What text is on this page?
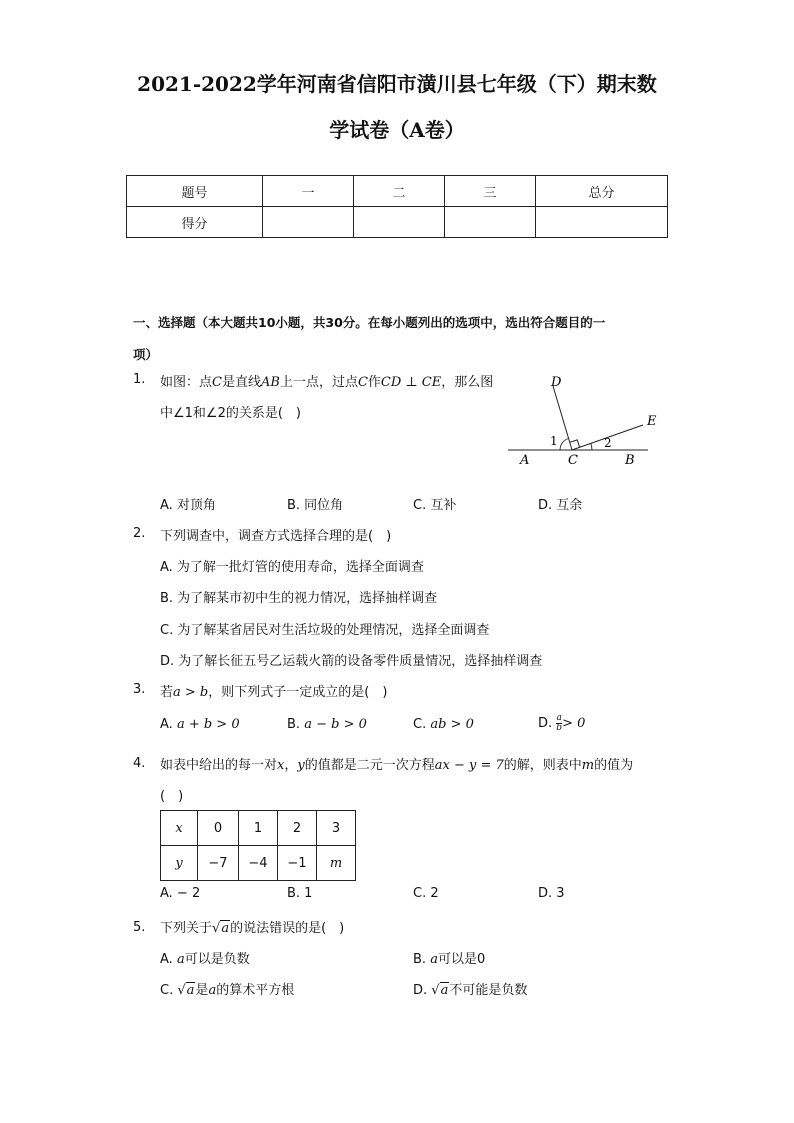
2021-2022学年河南省信阳市潢川县七年级（下）期末数
学试卷（A卷）
题号	一	二	三	总分
得分				
一、选择题（本大题共10小题，共30分。在每小题列出的选项中，选出符合题目的一
项）
1. 如图：点C是直线AB上一点，过点C作CD ⊥ CE，那么图
中∠1和∠2的关系是(　)
D
E
A	C	B
1	2
A. 对顶角	B. 同位角	C. 互补	D. 互余
2. 下列调查中，调查方式选择合理的是(　)
A. 为了解一批灯管的使用寿命，选择全面调查
B. 为了解某市初中生的视力情况，选择抽样调查
C. 为了解某省居民对生活垃圾的处理情况，选择全面调查
D. 为了解长征五号乙运载火箭的设备零件质量情况，选择抽样调查
3. 若a > b，则下列式子一定成立的是(　)
A. a + b > 0	B. a − b > 0	C. ab > 0	D. $\frac{a}{b} > 0$
4. 如表中给出的每一对x，y的值都是二元一次方程ax − y = 7的解，则表中m的值为
(　)
x	0	1	2	3
y	−7	−4	−1	m
A. − 2	B. 1	C. 2	D. 3
5. 下列关于√a的说法错误的是(　)
A. a可以是负数	B. a可以是0
C. √a是a的算术平方根	D. √a不可能是负数
